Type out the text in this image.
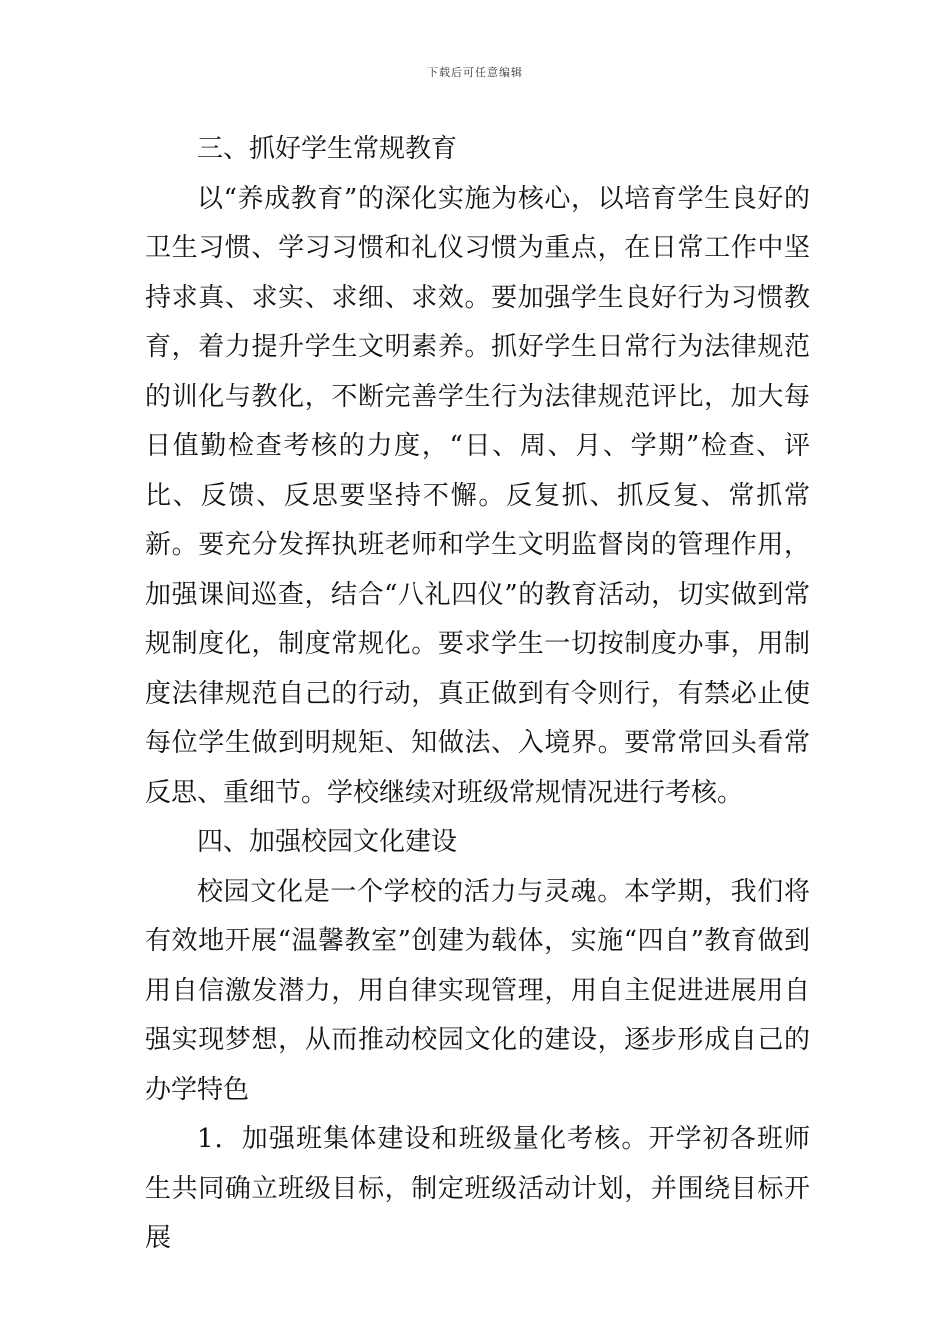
下载后可任意编辑

三、抓好学生常规教育

以“养成教育”的深化实施为核心，以培育学生良好的卫生习惯、学习习惯和礼仪习惯为重点，在日常工作中坚持求真、求实、求细、求效。要加强学生良好行为习惯教育，着力提升学生文明素养。抓好学生日常行为法律规范的训化与教化，不断完善学生行为法律规范评比，加大每日值勤检查考核的力度，“日、周、月、学期”检查、评比、反馈、反思要坚持不懈。反复抓、抓反复、常抓常新。要充分发挥执班老师和学生文明监督岗的管理作用，加强课间巡查，结合“八礼四仪”的教育活动，切实做到常规制度化，制度常规化。要求学生一切按制度办事，用制度法律规范自己的行动，真正做到有令则行，有禁必止使每位学生做到明规矩、知做法、入境界。要常常回头看常反思、重细节。学校继续对班级常规情况进行考核。

四、加强校园文化建设

校园文化是一个学校的活力与灵魂。本学期，我们将有效地开展“温馨教室”创建为载体，实施“四自”教育做到用自信激发潜力，用自律实现管理，用自主促进进展用自强实现梦想，从而推动校园文化的建设，逐步形成自己的办学特色

1．加强班集体建设和班级量化考核。开学初各班师生共同确立班级目标，制定班级活动计划，并围绕目标开展
